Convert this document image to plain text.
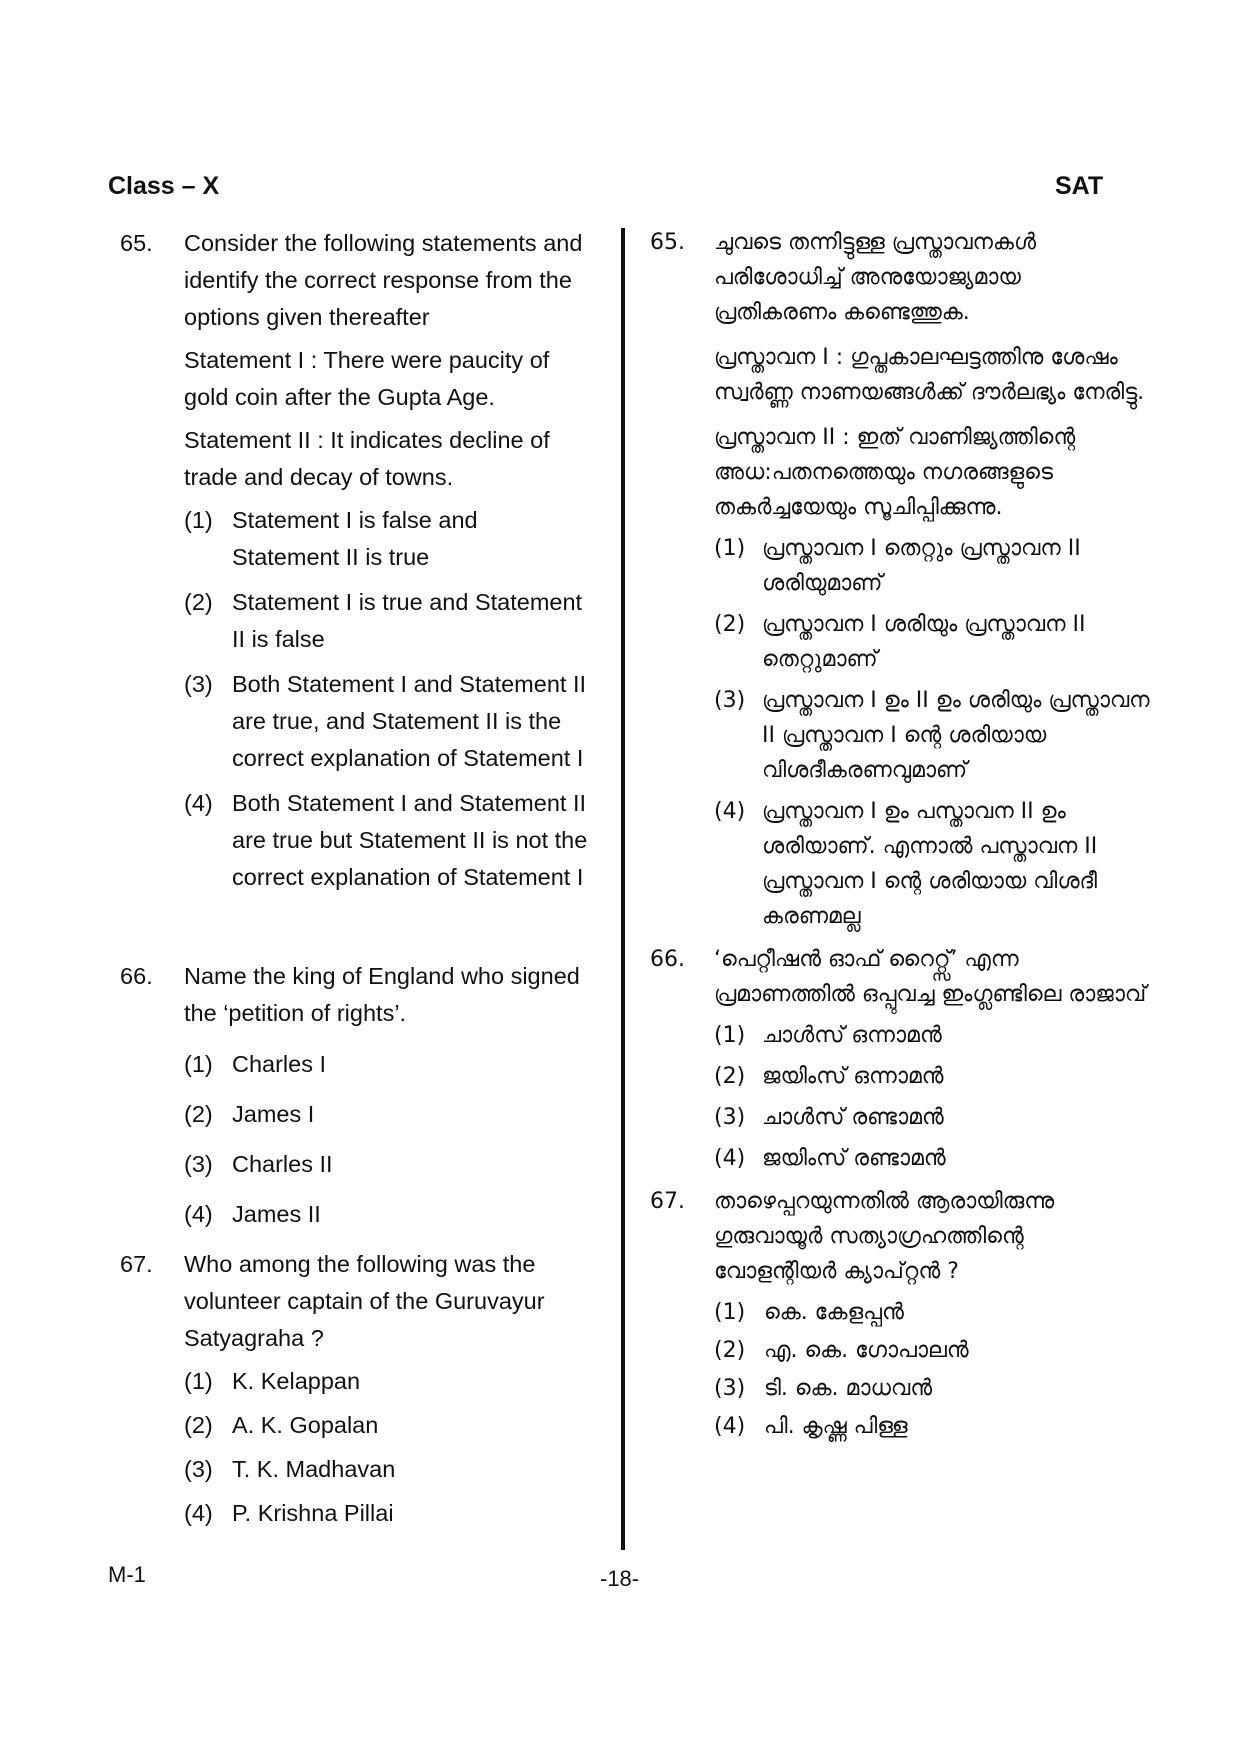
Class – X	SAT
65. Consider the following statements and identify the correct response from the options given thereafter

Statement I : There were paucity of gold coin after the Gupta Age.

Statement II : It indicates decline of trade and decay of towns.

(1) Statement I is false and Statement II is true
(2) Statement I is true and Statement II is false
(3) Both Statement I and Statement II are true, and Statement II is the correct explanation of Statement I
(4) Both Statement I and Statement II are true but Statement II is not the correct explanation of Statement I
66. Name the king of England who signed the ‘petition of rights’.

(1) Charles I
(2) James I
(3) Charles II
(4) James II
67. Who among the following was the volunteer captain of the Guruvayur Satyagraha ?

(1) K. Kelappan
(2) A. K. Gopalan
(3) T. K. Madhavan
(4) P. Krishna Pillai
65. ചുവടെ തന്നിട്ടുള്ള പ്രസ്താവനകൾ പരിശോധിച്ച് അനുയോജ്യമായ പ്രതികരണം കണ്ടെത്തുക.

പ്രസ്താവന I : ഗുപ്തകാലഘട്ടത്തിനു ശേഷം സ്വർണ്ണ നാണയങ്ങൾക്ക് ദൗർലഭ്യം നേരിട്ടു.

പ്രസ്താവന II : ഇത് വാണിജ്യത്തിന്റെ അധ:പതനത്തെയും നഗരങ്ങളുടെ തകർച്ചയേയും സൂചിപ്പിക്കുന്നു.

(1) പ്രസ്താവന I തെറ്റും പ്രസ്താവന II ശരിയുമാണ്
(2) പ്രസ്താവന I ശരിയും പ്രസ്താവന II തെറ്റുമാണ്
(3) പ്രസ്താവന I ഉം II ഉം ശരിയും പ്രസ്താവന II പ്രസ്താവന I ന്റെ ശരിയായ വിശദീകരണവുമാണ്
(4) പ്രസ്താവന I ഉം പസ്താവന II ഉം ശരിയാണ്. എന്നാൽ പസ്താവന II പ്രസ്താവന I ന്റെ ശരിയായ വിശദീ കരണമല്ല
66. ‘പെറ്റീഷൻ ഓഫ് റൈറ്റ്സ്’ എന്ന പ്രമാണത്തിൽ ഒപ്പുവച്ച ഇംഗ്ലണ്ടിലെ രാജാവ്

(1) ചാൾസ് ഒന്നാമൻ
(2) ജയിംസ് ഒന്നാമൻ
(3) ചാൾസ് രണ്ടാമൻ
(4) ജയിംസ് രണ്ടാമൻ
67. താഴെപ്പറയുന്നതിൽ ആരായിരുന്നു ഗുരുവായൂർ സത്യാഗ്രഹത്തിന്റെ വോളന്റിയർ ക്യാപ്റ്റൻ ?

(1) കെ. കേളപ്പൻ
(2) എ. കെ. ഗോപാലൻ
(3) ടി. കെ. മാധവൻ
(4) പി. കൃഷ്ണ പിള്ള
M-1	-18-
